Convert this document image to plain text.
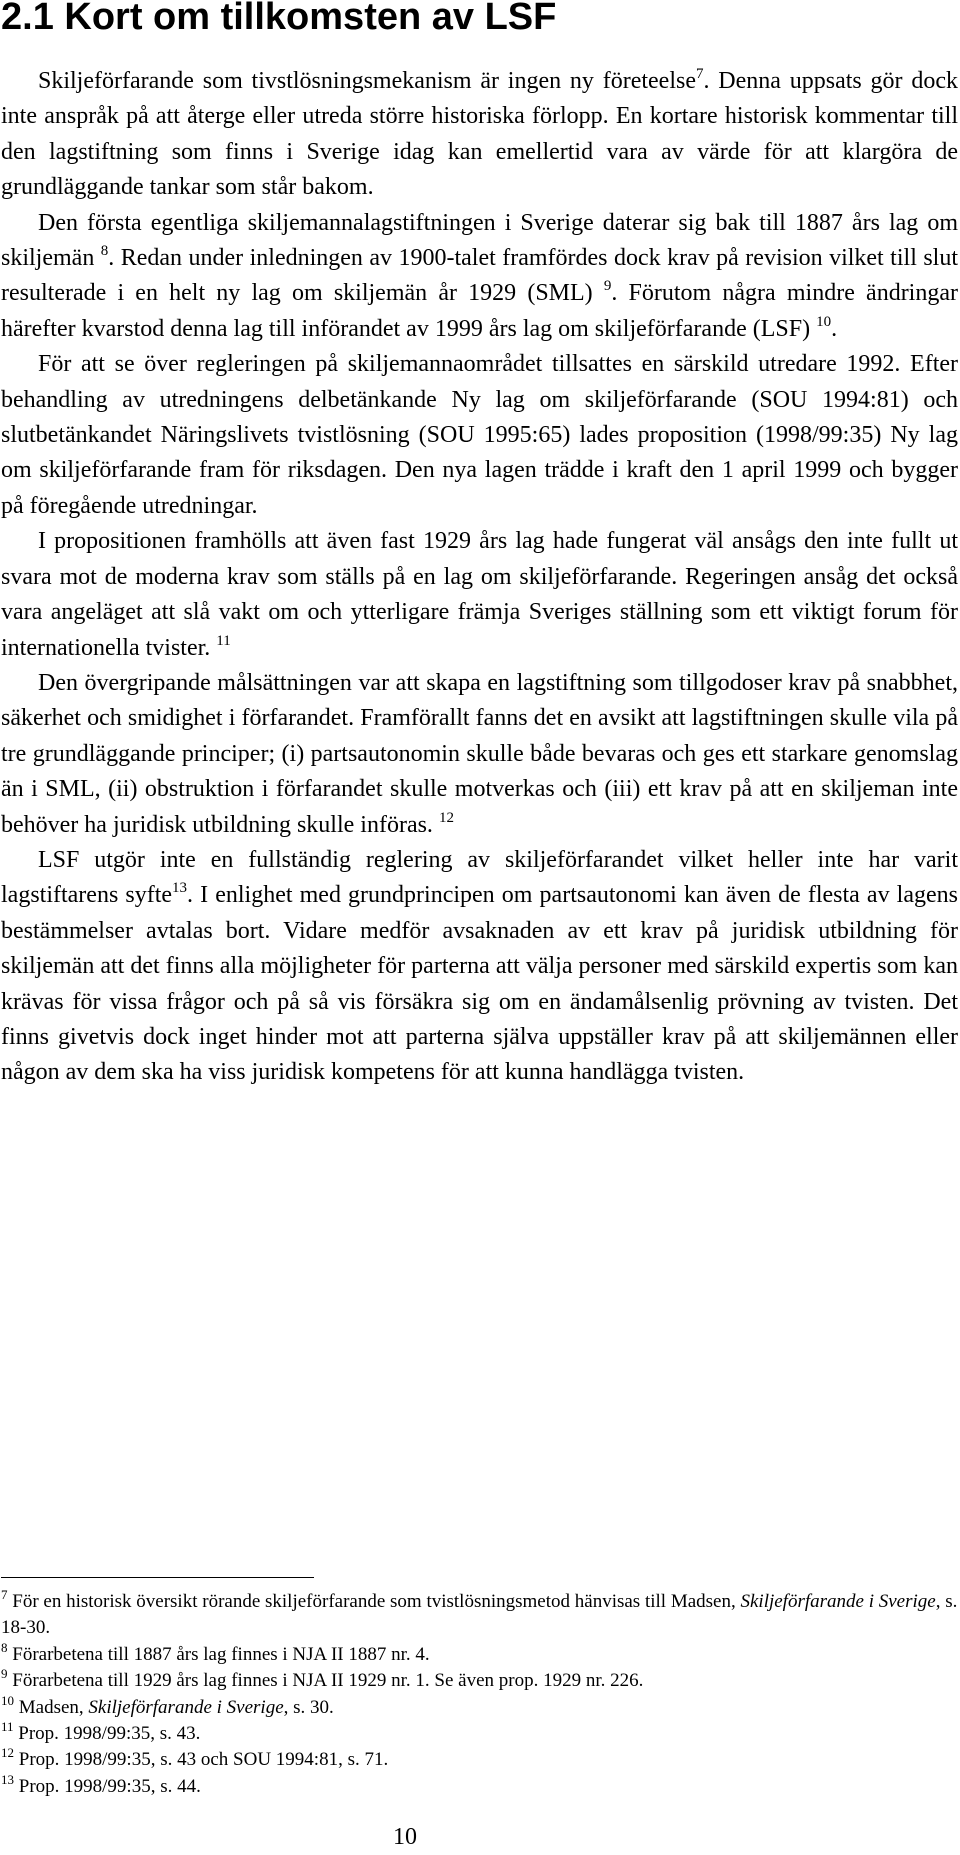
2.1 Kort om tillkomsten av LSF

Skiljeförfarande som tivstlösningsmekanism är ingen ny företeelse$^7$. Denna uppsats gör dock inte anspråk på att återge eller utreda större historiska förlopp. En kortare historisk kommentar till den lagstiftning som finns i Sverige idag kan emellertid vara av värde för att klargöra de grundläggande tankar som står bakom.

Den första egentliga skiljemannalagstiftningen i Sverige daterar sig bak till 1887 års lag om skiljemän $^8$. Redan under inledningen av 1900-talet framfördes dock krav på revision vilket till slut resulterade i en helt ny lag om skiljemän år 1929 (SML) $^9$. Förutom några mindre ändringar härefter kvarstod denna lag till införandet av 1999 års lag om skiljeförfarande (LSF) $^{10}$.

För att se över regleringen på skiljemannaområdet tillsattes en särskild utredare 1992. Efter behandling av utredningens delbetänkande Ny lag om skiljeförfarande (SOU 1994:81) och slutbetänkandet Näringslivets tvistlösning (SOU 1995:65) lades proposition (1998/99:35) Ny lag om skiljeförfarande fram för riksdagen. Den nya lagen trädde i kraft den 1 april 1999 och bygger på föregående utredningar.

I propositionen framhölls att även fast 1929 års lag hade fungerat väl ansågs den inte fullt ut svara mot de moderna krav som ställs på en lag om skiljeförfarande. Regeringen ansåg det också vara angeläget att slå vakt om och ytterligare främja Sveriges ställning som ett viktigt forum för internationella tvister. $^{11}$

Den övergripande målsättningen var att skapa en lagstiftning som tillgodoser krav på snabbhet, säkerhet och smidighet i förfarandet. Framförallt fanns det en avsikt att lagstiftningen skulle vila på tre grundläggande principer; (i) partsautonomin skulle både bevaras och ges ett starkare genomslag än i SML, (ii) obstruktion i förfarandet skulle motverkas och (iii) ett krav på att en skiljeman inte behöver ha juridisk utbildning skulle införas. $^{12}$

LSF utgör inte en fullständig reglering av skiljeförfarandet vilket heller inte har varit lagstiftarens syfte$^{13}$. I enlighet med grundprincipen om partsautonomi kan även de flesta av lagens bestämmelser avtalas bort. Vidare medför avsaknaden av ett krav på juridisk utbildning för skiljemän att det finns alla möjligheter för parterna att välja personer med särskild expertis som kan krävas för vissa frågor och på så vis försäkra sig om en ändamålsenlig prövning av tvisten. Det finns givetvis dock inget hinder mot att parterna själva uppställer krav på att skiljemännen eller någon av dem ska ha viss juridisk kompetens för att kunna handlägga tvisten.

$^7$ För en historisk översikt rörande skiljeförfarande som tvistlösningsmetod hänvisas till Madsen, Skiljeförfarande i Sverige, s. 18-30.

$^8$ Förarbetena till 1887 års lag finnes i NJA II 1887 nr. 4.

$^9$ Förarbetena till 1929 års lag finnes i NJA II 1929 nr. 1. Se även prop. 1929 nr. 226.

$^{10}$ Madsen, Skiljeförfarande i Sverige, s. 30.

$^{11}$ Prop. 1998/99:35, s. 43.

$^{12}$ Prop. 1998/99:35, s. 43 och SOU 1994:81, s. 71.

$^{13}$ Prop. 1998/99:35, s. 44.

10
